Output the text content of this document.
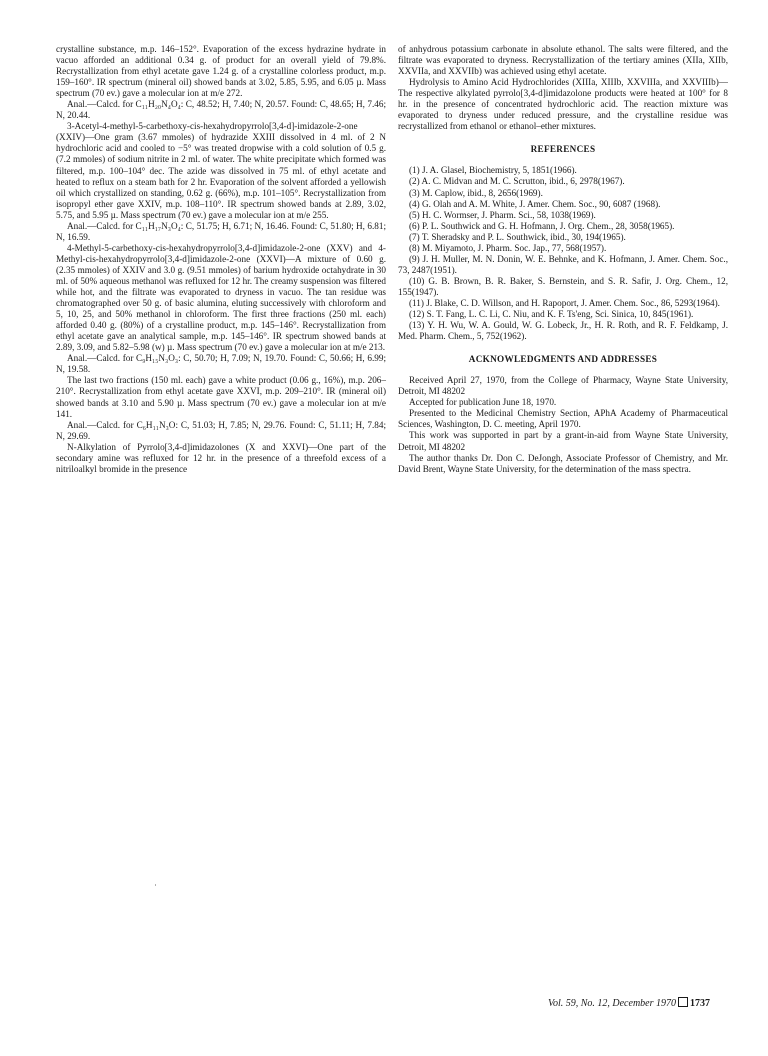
crystalline substance, m.p. 146–152°. Evaporation of the excess hydrazine hydrate in vacuo afforded an additional 0.34 g. of product for an overall yield of 79.8%. Recrystallization from ethyl acetate gave 1.24 g. of a crystalline colorless product, m.p. 159–160°. IR spectrum (mineral oil) showed bands at 3.02, 5.85, 5.95, and 6.05 µ. Mass spectrum (70 ev.) gave a molecular ion at m/e 272.

Anal.—Calcd. for C₁₁H₂₀N₄O₄: C, 48.52; H, 7.40; N, 20.57. Found: C, 48.65; H, 7.46; N, 20.44.

3-Acetyl-4-methyl-5-carbethoxy-cis-hexahydropyrrolo[3,4-d]-imidazole-2-one (XXIV)—One gram (3.67 mmoles) of hydrazide XXIII dissolved in 4 ml. of 2 N hydrochloric acid and cooled to −5° was treated dropwise with a cold solution of 0.5 g. (7.2 mmoles) of sodium nitrite in 2 ml. of water. The white precipitate which formed was filtered, m.p. 100–104° dec. The azide was dissolved in 75 ml. of ethyl acetate and heated to reflux on a steam bath for 2 hr. Evaporation of the solvent afforded a yellowish oil which crystallized on standing, 0.62 g. (66%), m.p. 101–105°. Recrystallization from isopropyl ether gave XXIV, m.p. 108–110°. IR spectrum showed bands at 2.89, 3.02, 5.75, and 5.95 µ. Mass spectrum (70 ev.) gave a molecular ion at m/e 255.

Anal.—Calcd. for C₁₁H₁₇N₃O₄: C, 51.75; H, 6.71; N, 16.46. Found: C, 51.80; H, 6.81; N, 16.59.

4-Methyl-5-carbethoxy-cis-hexahydropyrrolo[3,4-d]imidazole-2-one (XXV) and 4-Methyl-cis-hexahydropyrrolo[3,4-d]imidazole-2-one (XXVI)—A mixture of 0.60 g. (2.35 mmoles) of XXIV and 3.0 g. (9.51 mmoles) of barium hydroxide octahydrate in 30 ml. of 50% aqueous methanol was refluxed for 12 hr. The creamy suspension was filtered while hot, and the filtrate was evaporated to dryness in vacuo. The tan residue was chromatographed over 50 g. of basic alumina, eluting successively with chloroform and 5, 10, 25, and 50% methanol in chloroform. The first three fractions (250 ml. each) afforded 0.40 g. (80%) of a crystalline product, m.p. 145–146°. Recrystallization from ethyl acetate gave an analytical sample, m.p. 145–146°. IR spectrum showed bands at 2.89, 3.09, and 5.82–5.98 (w) µ. Mass spectrum (70 ev.) gave a molecular ion at m/e 213.

Anal.—Calcd. for C₉H₁₅N₃O₃: C, 50.70; H, 7.09; N, 19.70. Found: C, 50.66; H, 6.99; N, 19.58.

The last two fractions (150 ml. each) gave a white product (0.06 g., 16%), m.p. 206–210°. Recrystallization from ethyl acetate gave XXVI, m.p. 209–210°. IR (mineral oil) showed bands at 3.10 and 5.90 µ. Mass spectrum (70 ev.) gave a molecular ion at m/e 141.

Anal.—Calcd. for C₆H₁₁N₃O: C, 51.03; H, 7.85; N, 29.76. Found: C, 51.11; H, 7.84; N, 29.69.

N-Alkylation of Pyrrolo[3,4-d]imidazolones (X and XXVI)—One part of the secondary amine was refluxed for 12 hr. in the presence of a threefold excess of a nitriloalkyl bromide in the presence

of anhydrous potassium carbonate in absolute ethanol. The salts were filtered, and the filtrate was evaporated to dryness. Recrystallization of the tertiary amines (XIIa, XIIb, XXVIIa, and XXVIIb) was achieved using ethyl acetate.

Hydrolysis to Amino Acid Hydrochlorides (XIIIa, XIIIb, XXVIIIa, and XXVIIIb)—The respective alkylated pyrrolo[3,4-d]imidazolone products were heated at 100° for 8 hr. in the presence of concentrated hydrochloric acid. The reaction mixture was evaporated to dryness under reduced pressure, and the crystalline residue was recrystallized from ethanol or ethanol–ether mixtures.

REFERENCES

(1) J. A. Glasel, Biochemistry, 5, 1851(1966).

(2) A. C. Midvan and M. C. Scrutton, ibid., 6, 2978(1967).

(3) M. Caplow, ibid., 8, 2656(1969).

(4) G. Olah and A. M. White, J. Amer. Chem. Soc., 90, 6087 (1968).

(5) H. C. Wormser, J. Pharm. Sci., 58, 1038(1969).

(6) P. L. Southwick and G. H. Hofmann, J. Org. Chem., 28, 3058(1965).

(7) T. Sheradsky and P. L. Southwick, ibid., 30, 194(1965).

(8) M. Miyamoto, J. Pharm. Soc. Jap., 77, 568(1957).

(9) J. H. Muller, M. N. Donin, W. E. Behnke, and K. Hofmann, J. Amer. Chem. Soc., 73, 2487(1951).

(10) G. B. Brown, B. R. Baker, S. Bernstein, and S. R. Safir, J. Org. Chem., 12, 155(1947).

(11) J. Blake, C. D. Willson, and H. Rapoport, J. Amer. Chem. Soc., 86, 5293(1964).

(12) S. T. Fang, L. C. Li, C. Niu, and K. F. Ts'eng, Sci. Sinica, 10, 845(1961).

(13) Y. H. Wu, W. A. Gould, W. G. Lobeck, Jr., H. R. Roth, and R. F. Feldkamp, J. Med. Pharm. Chem., 5, 752(1962).

ACKNOWLEDGMENTS AND ADDRESSES

Received April 27, 1970, from the College of Pharmacy, Wayne State University, Detroit, MI 48202

Accepted for publication June 18, 1970.

Presented to the Medicinal Chemistry Section, APhA Academy of Pharmaceutical Sciences, Washington, D. C. meeting, April 1970.

This work was supported in part by a grant-in-aid from Wayne State University, Detroit, MI 48202

The author thanks Dr. Don C. DeJongh, Associate Professor of Chemistry, and Mr. David Brent, Wayne State University, for the determination of the mass spectra.

ʿ
Vol. 59, No. 12, December 1970 1737
